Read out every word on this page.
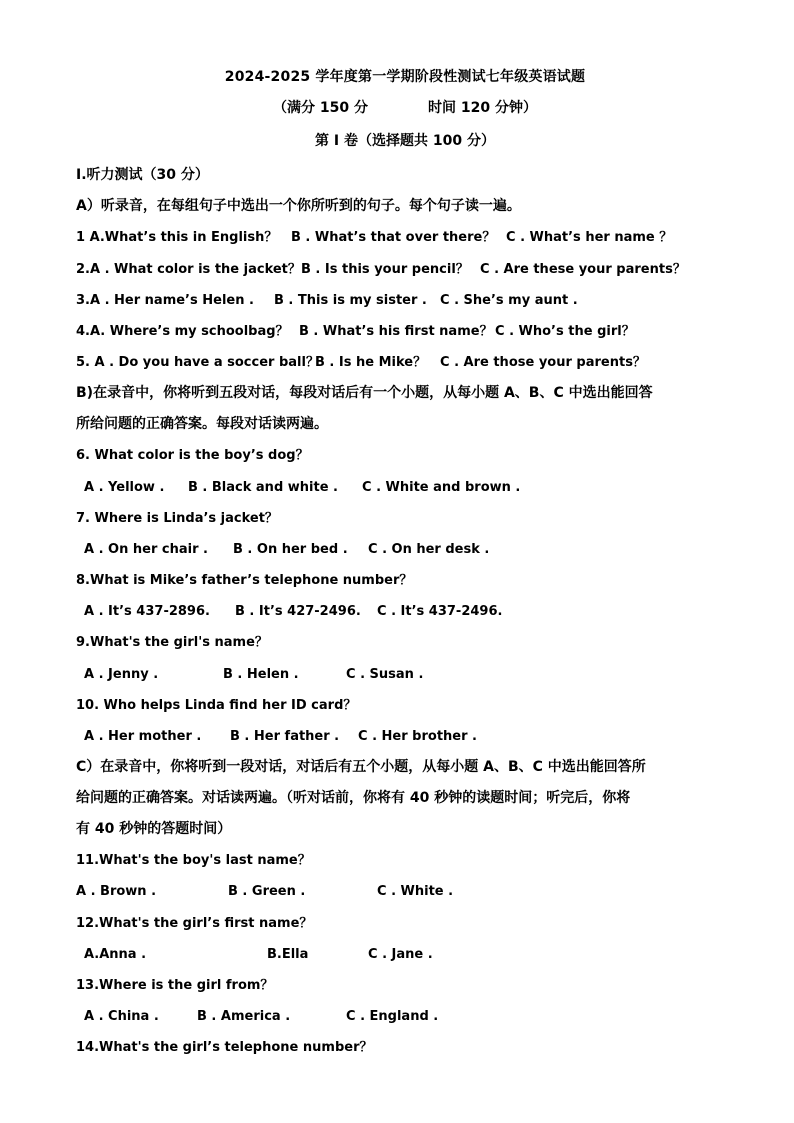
2024-2025 学年度第一学期阶段性测试七年级英语试题
（满分 150 分	时间 120 分钟）
第 Ⅰ 卷（选择题共 100 分）
Ⅰ.听力测试（30 分）
A）听录音，在每组句子中选出一个你所听到的句子。每个句子读一遍。
1 A.What’s this in English？ B . What’s that over there？ C . What’s her name ？
2.A . What color is the jacket？B . Is this your pencil？ C . Are these your parents？
3.A . Her name’s Helen . B . This is my sister . C . She’s my aunt .
4.A. Where’s my schoolbag？ B . What’s his first name？ C . Who’s the girl？
5. A . Do you have a soccer ball？B . Is he Mike？ C . Are those your parents？
B)在录音中，你将听到五段对话，每段对话后有一个小题，从每小题 A、B、C 中选出能回答
所给问题的正确答案。每段对话读两遍。
6. What color is the boy’s dog？
A . Yellow . B . Black and white . C . White and brown .
7. Where is Linda’s jacket？
A . On her chair . B . On her bed . C . On her desk .
8.What is Mike’s father’s telephone number？
A . It’s 437-2896. B . It’s 427-2496. C . It’s 437-2496.
9.What's the girl's name？
A . Jenny .	B . Helen .	C . Susan .
10. Who helps Linda find her ID card？
A . Her mother . B . Her father . C . Her brother .
C）在录音中，你将听到一段对话，对话后有五个小题，从每小题 A、B、C 中选出能回答所
给问题的正确答案。对话读两遍。（听对话前，你将有 40 秒钟的读题时间；听完后，你将
有 40 秒钟的答题时间）
11.What's the boy's last name？
A . Brown .	B . Green .	C . White .
12.What's the girl’s first name？
A.Anna .	B.Ella	C . Jane .
13.Where is the girl from？
A . China .	B . America .	C . England .
14.What's the girl’s telephone number？
